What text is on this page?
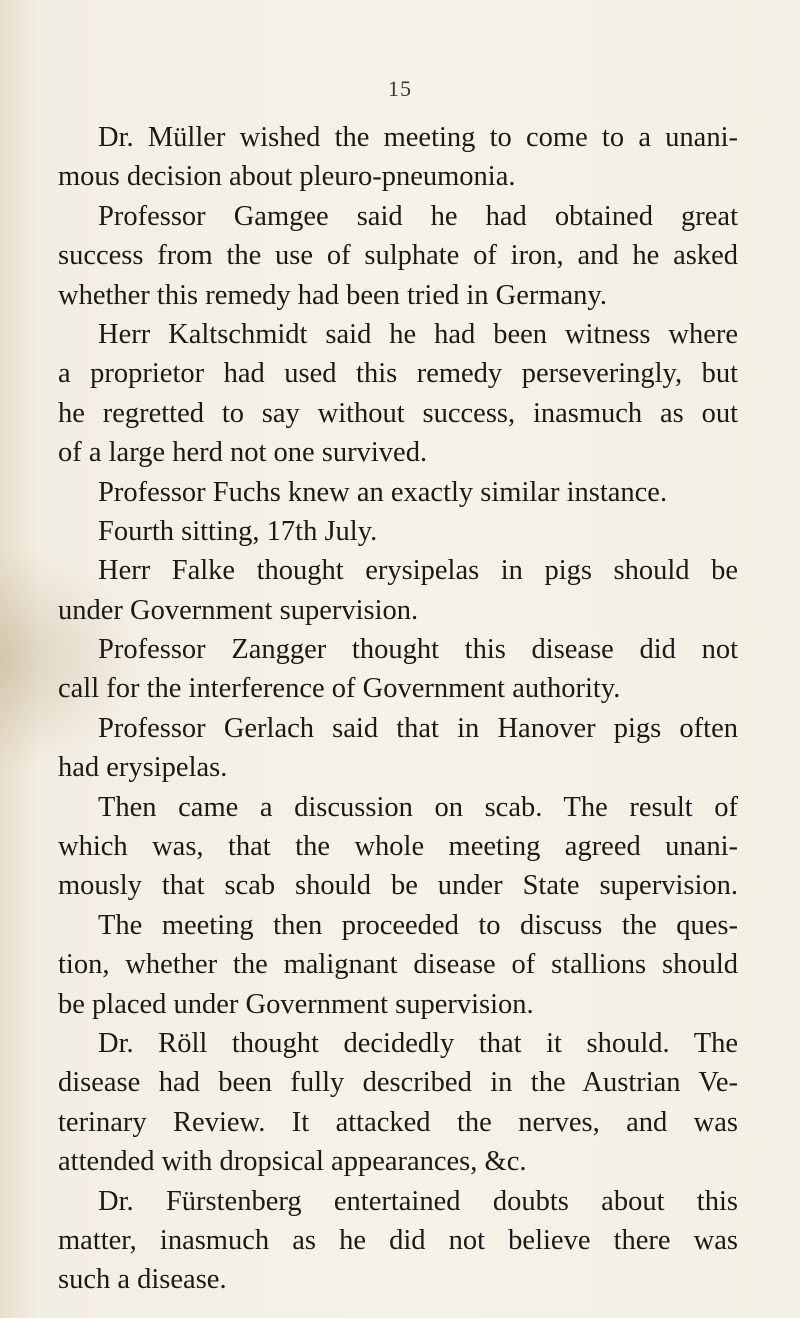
15

Dr. Müller wished the meeting to come to a unani-
mous decision about pleuro-pneumonia.

Professor Gamgee said he had obtained great
success from the use of sulphate of iron, and he asked
whether this remedy had been tried in Germany.

Herr Kaltschmidt said he had been witness where
a proprietor had used this remedy perseveringly, but
he regretted to say without success, inasmuch as out
of a large herd not one survived.

Professor Fuchs knew an exactly similar instance.

Fourth sitting, 17th July.

Herr Falke thought erysipelas in pigs should be
under Government supervision.

Professor Zangger thought this disease did not
call for the interference of Government authority.

Professor Gerlach said that in Hanover pigs often
had erysipelas.

Then came a discussion on scab. The result of
which was, that the whole meeting agreed unani-
mously that scab should be under State supervision.
The meeting then proceeded to discuss the ques-
tion, whether the malignant disease of stallions should
be placed under Government supervision.

Dr. Röll thought decidedly that it should. The
disease had been fully described in the Austrian Ve-
terinary Review. It attacked the nerves, and was
attended with dropsical appearances, &c.

Dr. Fürstenberg entertained doubts about this
matter, inasmuch as he did not believe there was
such a disease.
